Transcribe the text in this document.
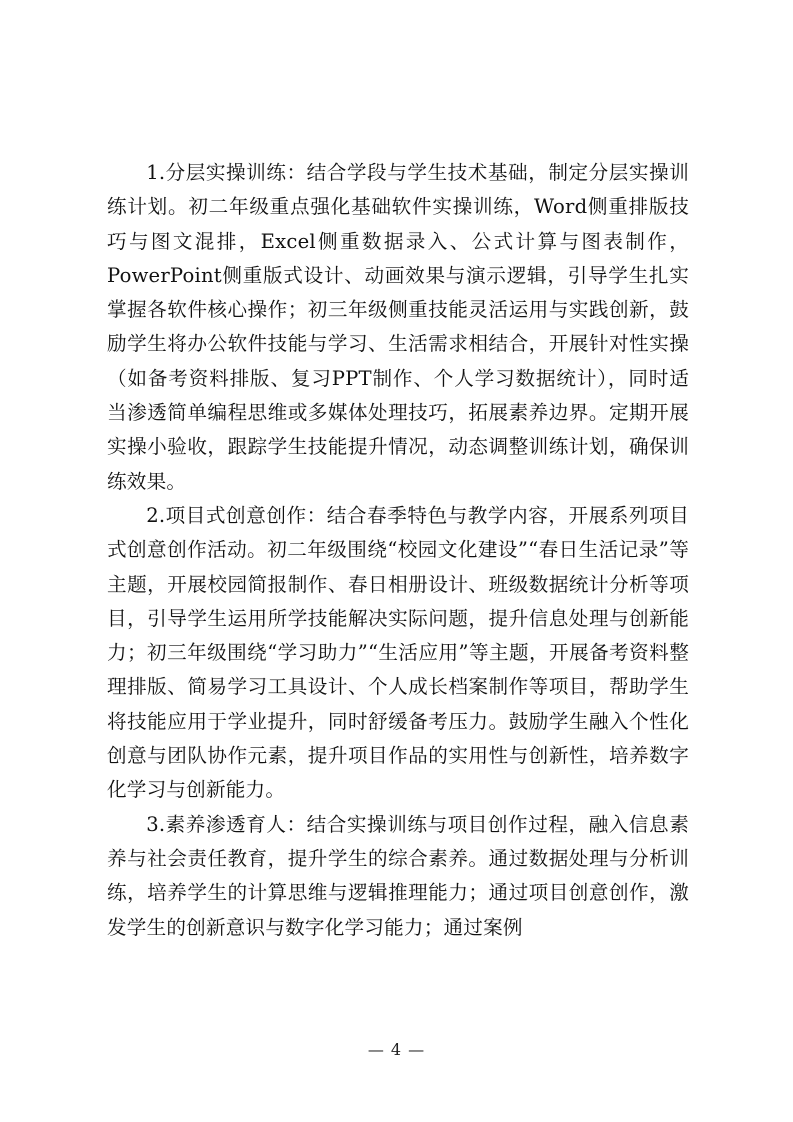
1.分层实操训练：结合学段与学生技术基础，制定分层实操训练计划。初二年级重点强化基础软件实操训练，Word侧重排版技巧与图文混排，Excel侧重数据录入、公式计算与图表制作，PowerPoint侧重版式设计、动画效果与演示逻辑，引导学生扎实掌握各软件核心操作；初三年级侧重技能灵活运用与实践创新，鼓励学生将办公软件技能与学习、生活需求相结合，开展针对性实操（如备考资料排版、复习PPT制作、个人学习数据统计），同时适当渗透简单编程思维或多媒体处理技巧，拓展素养边界。定期开展实操小验收，跟踪学生技能提升情况，动态调整训练计划，确保训练效果。

2.项目式创意创作：结合春季特色与教学内容，开展系列项目式创意创作活动。初二年级围绕“校园文化建设”“春日生活记录”等主题，开展校园简报制作、春日相册设计、班级数据统计分析等项目，引导学生运用所学技能解决实际问题，提升信息处理与创新能力；初三年级围绕“学习助力”“生活应用”等主题，开展备考资料整理排版、简易学习工具设计、个人成长档案制作等项目，帮助学生将技能应用于学业提升，同时舒缓备考压力。鼓励学生融入个性化创意与团队协作元素，提升项目作品的实用性与创新性，培养数字化学习与创新能力。

3.素养渗透育人：结合实操训练与项目创作过程，融入信息素养与社会责任教育，提升学生的综合素养。通过数据处理与分析训练，培养学生的计算思维与逻辑推理能力；通过项目创意创作，激发学生的创新意识与数字化学习能力；通过案例

— 4 —
